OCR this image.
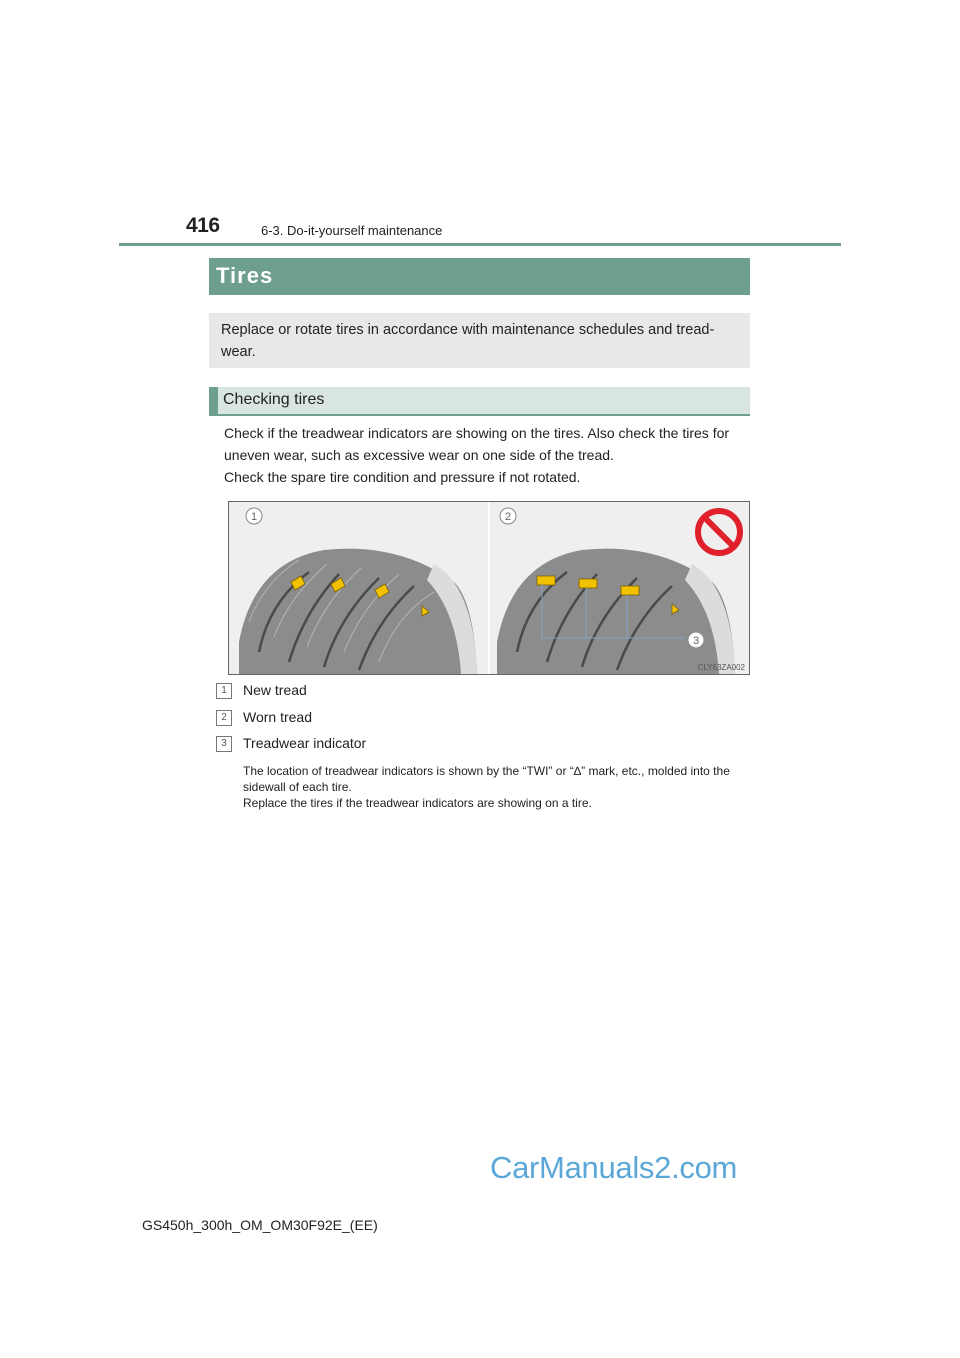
416	6-3. Do-it-yourself maintenance
Tires

Replace or rotate tires in accordance with maintenance schedules and tread-wear.

Checking tires

Check if the treadwear indicators are showing on the tires. Also check the tires for uneven wear, such as excessive wear on one side of the tread.

Check the spare tire condition and pressure if not rotated.

1	2
3
CLY63ZA002
1	New tread
2	Worn tread
3	Treadwear indicator

The location of treadwear indicators is shown by the “TWI” or “∆” mark, etc., molded into the sidewall of each tire.

Replace the tires if the treadwear indicators are showing on a tire.

CarManuals2.com
GS450h_300h_OM_OM30F92E_(EE)
